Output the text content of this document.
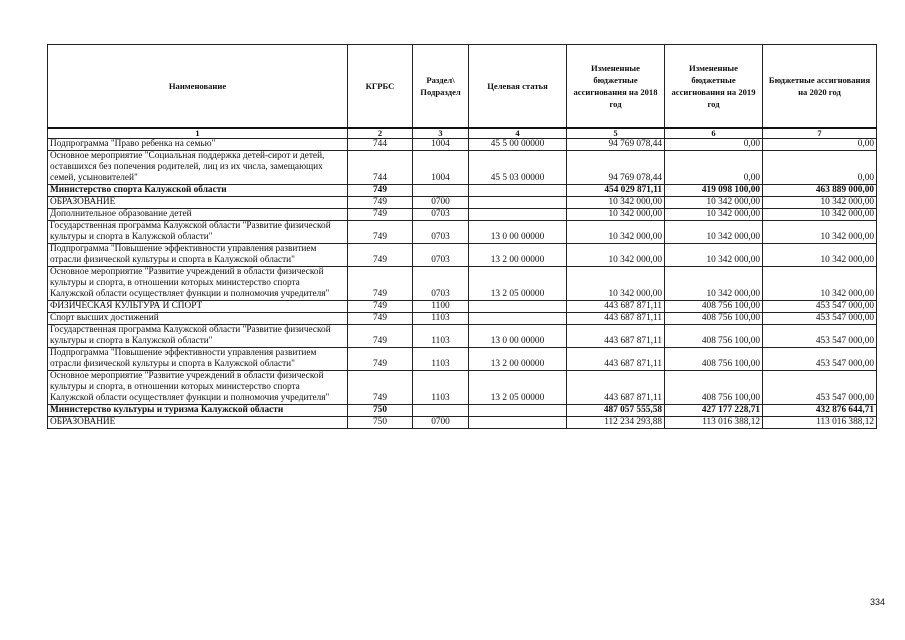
Наименование	КГРБС	Раздел\ Подраздел	Целевая статья	Измененные бюджетные ассигнования на 2018 год	Измененные бюджетные ассигнования на 2019 год	Бюджетные ассигнования на 2020 год
1	2	3	4	5	6	7
Подпрограмма "Право ребенка на семью"	744	1004	45 5 00 00000	94 769 078,44	0,00	0,00
Основное мероприятие "Социальная поддержка детей-сирот и детей, оставшихся без попечения родителей, лиц из их числа, замещающих семей, усыновителей"	744	1004	45 5 03 00000	94 769 078,44	0,00	0,00
Министерство спорта Калужской области	749			454 029 871,11	419 098 100,00	463 889 000,00
ОБРАЗОВАНИЕ	749	0700		10 342 000,00	10 342 000,00	10 342 000,00
Дополнительное образование детей	749	0703		10 342 000,00	10 342 000,00	10 342 000,00
Государственная программа Калужской области "Развитие физической культуры и спорта в Калужской области"	749	0703	13 0 00 00000	10 342 000,00	10 342 000,00	10 342 000,00
Подпрограмма "Повышение эффективности управления развитием отрасли физической культуры и спорта в Калужской области"	749	0703	13 2 00 00000	10 342 000,00	10 342 000,00	10 342 000,00
Основное мероприятие "Развитие учреждений в области физической культуры и спорта, в отношении которых министерство спорта Калужской области осуществляет функции и полномочия учредителя"	749	0703	13 2 05 00000	10 342 000,00	10 342 000,00	10 342 000,00
ФИЗИЧЕСКАЯ КУЛЬТУРА И СПОРТ	749	1100		443 687 871,11	408 756 100,00	453 547 000,00
Спорт высших достижений	749	1103		443 687 871,11	408 756 100,00	453 547 000,00
Государственная программа Калужской области "Развитие физической культуры и спорта в Калужской области"	749	1103	13 0 00 00000	443 687 871,11	408 756 100,00	453 547 000,00
Подпрограмма "Повышение эффективности управления развитием отрасли физической культуры и спорта в Калужской области"	749	1103	13 2 00 00000	443 687 871,11	408 756 100,00	453 547 000,00
Основное мероприятие "Развитие учреждений в области физической культуры и спорта, в отношении которых министерство спорта Калужской области осуществляет функции и полномочия учредителя"	749	1103	13 2 05 00000	443 687 871,11	408 756 100,00	453 547 000,00
Министерство культуры и туризма Калужской области	750			487 057 555,58	427 177 228,71	432 876 644,71
ОБРАЗОВАНИЕ	750	0700		112 234 293,88	113 016 388,12	113 016 388,12
334
